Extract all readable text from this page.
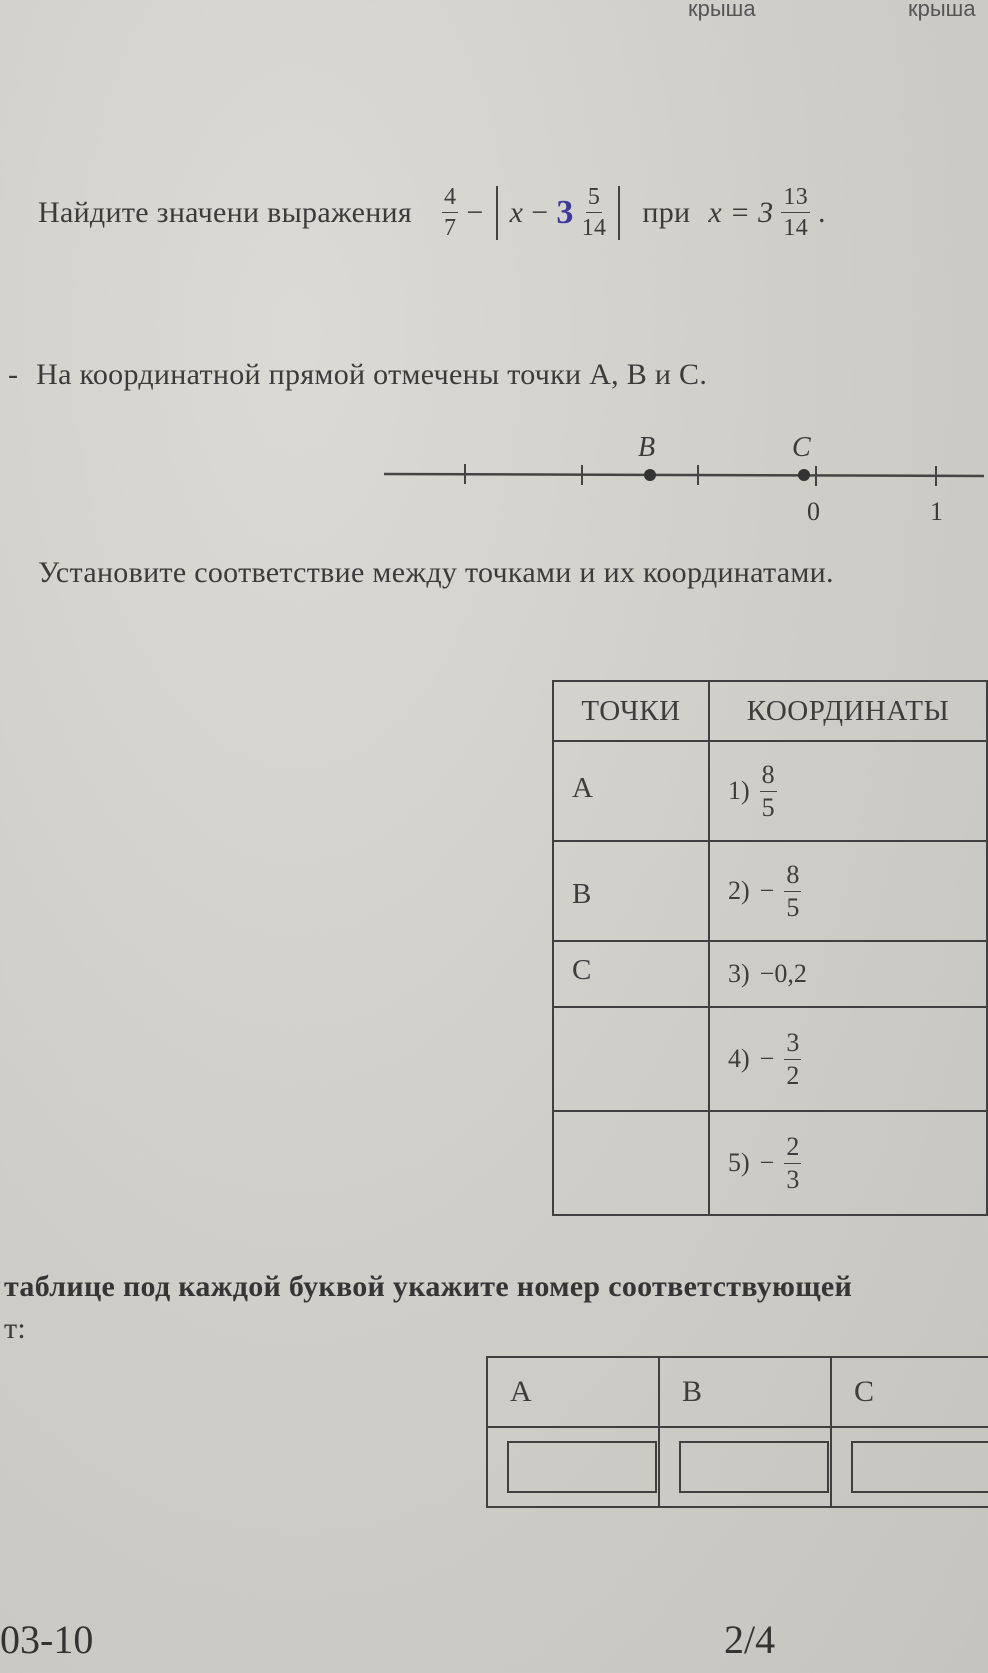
крыша	крыша
Найдите значени выражения $\frac{4}{7} - x - 3 \frac{5}{14}$ при $x = 3 \frac{13}{14}$ .
- На координатной прямой отмечены точки A, B и C.
B	C
0	1
Установите соответствие между точками и их координатами.
ТОЧКИ	КООРДИНАТЫ
A	$1) \frac{8}{5}$

B	$2) - \frac{8}{5}$

C	3) −0,2

	$4) - \frac{3}{2}$

	$5) - \frac{2}{3}$
таблице под каждой буквой укажите номер соответствующей
т:
A	B	C

03-10	2/4
